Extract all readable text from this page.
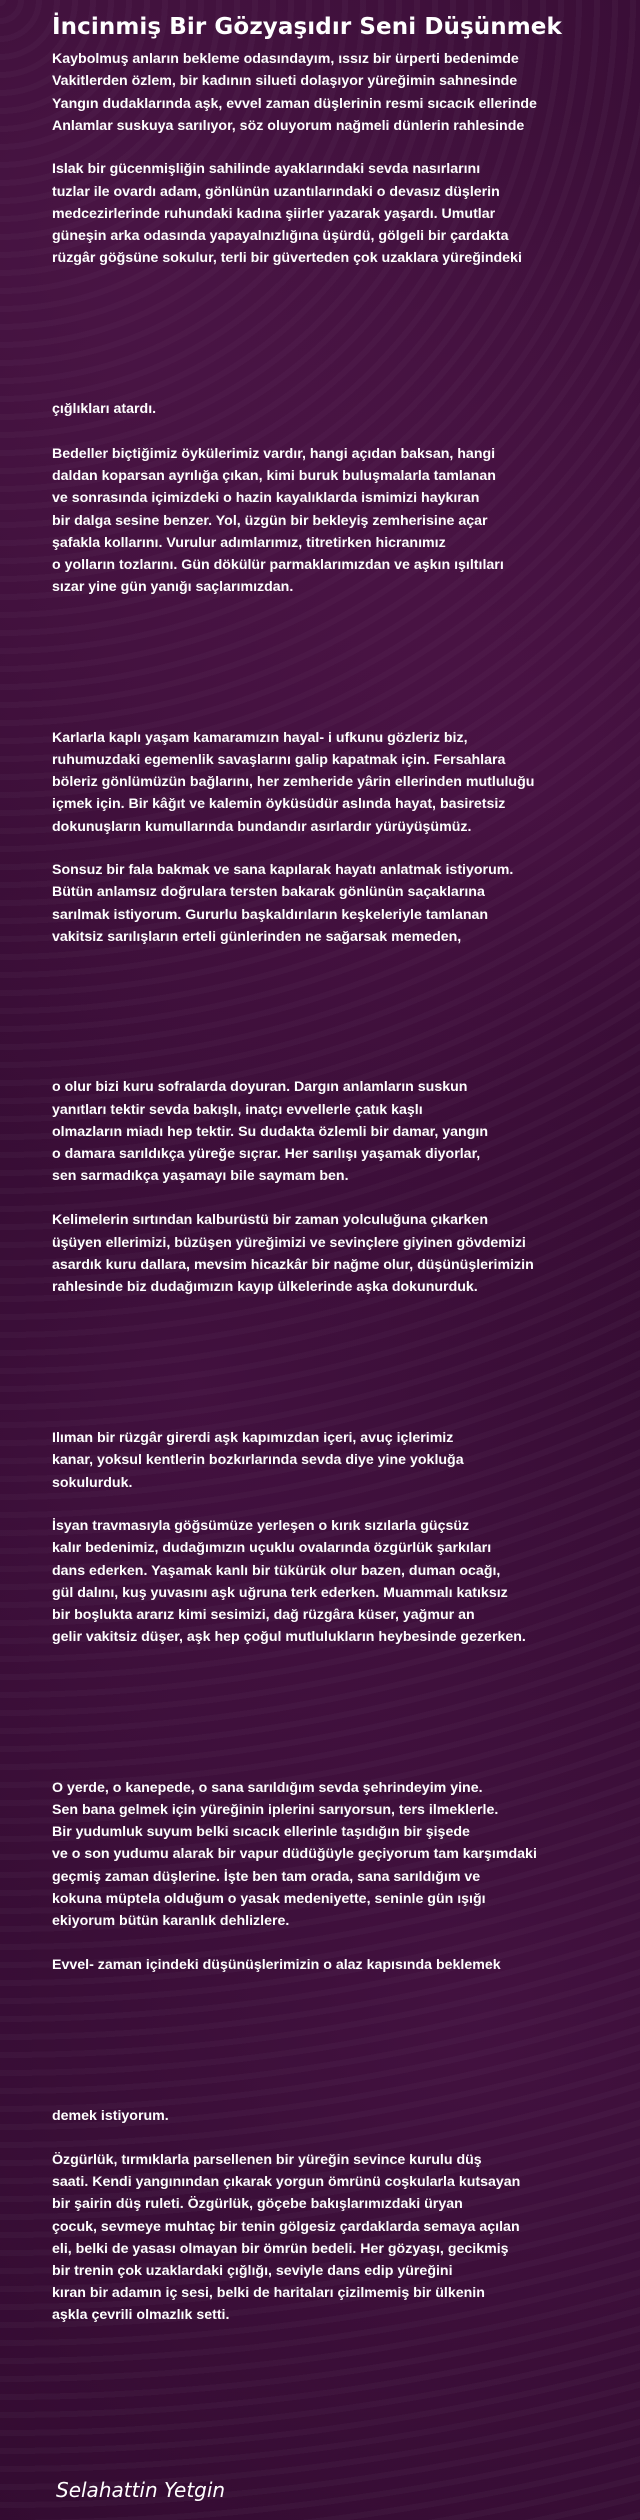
İncinmiş Bir Gözyaşıdır Seni Düşünmek
Kaybolmuş anların bekleme odasındayım, ıssız bir ürperti bedenimde
Vakitlerden özlem, bir kadının silueti dolaşıyor yüreğimin sahnesinde
Yangın dudaklarında aşk, evvel zaman düşlerinin resmi sıcacık ellerinde
Anlamlar suskuya sarılıyor, söz oluyorum nağmeli dünlerin rahlesinde
Islak bir gücenmişliğin sahilinde ayaklarındaki sevda nasırlarını
tuzlar ile ovardı adam, gönlünün uzantılarındaki o devasız düşlerin
medcezirlerinde ruhundaki kadına şiirler yazarak yaşardı. Umutlar
güneşin arka odasında yapayalnızlığına üşürdü, gölgeli bir çardakta
rüzgâr göğsüne sokulur, terli bir güverteden çok uzaklara yüreğindeki
çığlıkları atardı.
Bedeller biçtiğimiz öykülerimiz vardır, hangi açıdan baksan, hangi
daldan koparsan ayrılığa çıkan, kimi buruk buluşmalarla tamlanan
ve sonrasında içimizdeki o hazin kayalıklarda ismimizi haykıran
bir dalga sesine benzer. Yol, üzgün bir bekleyiş zemherisine açar
şafakla kollarını. Vurulur adımlarımız, titretirken hicranımız
o yolların tozlarını. Gün dökülür parmaklarımızdan ve aşkın ışıltıları
sızar yine gün yanığı saçlarımızdan.
Karlarla kaplı yaşam kamaramızın hayal- i ufkunu gözleriz biz,
ruhumuzdaki egemenlik savaşlarını galip kapatmak için. Fersahlara
böleriz gönlümüzün bağlarını, her zemheride yârin ellerinden mutluluğu
içmek için. Bir kâğıt ve kalemin öyküsüdür aslında hayat, basiretsiz
dokunuşların kumullarında bundandır asırlardır yürüyüşümüz.
Sonsuz bir fala bakmak ve sana kapılarak hayatı anlatmak istiyorum.
Bütün anlamsız doğrulara tersten bakarak gönlünün saçaklarına
sarılmak istiyorum. Gururlu başkaldırıların keşkeleriyle tamlanan
vakitsiz sarılışların erteli günlerinden ne sağarsak memeden,
o olur bizi kuru sofralarda doyuran. Dargın anlamların suskun
yanıtları tektir sevda bakışlı, inatçı evvellerle çatık kaşlı
olmazların miadı hep tektir. Su dudakta özlemli bir damar, yangın
o damara sarıldıkça yüreğe sıçrar. Her sarılışı yaşamak diyorlar,
sen sarmadıkça yaşamayı bile saymam ben.
Kelimelerin sırtından kalburüstü bir zaman yolculuğuna çıkarken
üşüyen ellerimizi, büzüşen yüreğimizi ve sevinçlere giyinen gövdemizi
asardık kuru dallara, mevsim hicazkâr bir nağme olur, düşünüşlerimizin
rahlesinde biz dudağımızın kayıp ülkelerinde aşka dokunurduk.
Ilıman bir rüzgâr girerdi aşk kapımızdan içeri, avuç içlerimiz
kanar, yoksul kentlerin bozkırlarında sevda diye yine yokluğa
sokulurduk.
İsyan travmasıyla göğsümüze yerleşen o kırık sızılarla güçsüz
kalır bedenimiz, dudağımızın uçuklu ovalarında özgürlük şarkıları
dans ederken. Yaşamak kanlı bir tükürük olur bazen, duman ocağı,
gül dalını, kuş yuvasını aşk uğruna terk ederken. Muammalı katıksız
bir boşlukta ararız kimi sesimizi, dağ rüzgâra küser, yağmur an
gelir vakitsiz düşer, aşk hep çoğul mutlulukların heybesinde gezerken.
O yerde, o kanepede, o sana sarıldığım sevda şehrindeyim yine.
Sen bana gelmek için yüreğinin iplerini sarıyorsun, ters ilmeklerle.
Bir yudumluk suyum belki sıcacık ellerinle taşıdığın bir şişede
ve o son yudumu alarak bir vapur düdüğüyle geçiyorum tam karşımdaki
geçmiş zaman düşlerine. İşte ben tam orada, sana sarıldığım ve
kokuna müptela olduğum o yasak medeniyette, seninle gün ışığı
ekiyorum bütün karanlık dehlizlere.
Evvel- zaman içindeki düşünüşlerimizin o alaz kapısında beklemek
demek istiyorum.
Özgürlük, tırmıklarla parsellenen bir yüreğin sevince kurulu düş
saati. Kendi yangınından çıkarak yorgun ömrünü coşkularla kutsayan
bir şairin düş ruleti. Özgürlük, göçebe bakışlarımızdaki üryan
çocuk, sevmeye muhtaç bir tenin gölgesiz çardaklarda semaya açılan
eli, belki de yasası olmayan bir ömrün bedeli. Her gözyaşı, gecikmiş
bir trenin çok uzaklardaki çığlığı, seviyle dans edip yüreğini
kıran bir adamın iç sesi, belki de haritaları çizilmemiş bir ülkenin
aşkla çevrili olmazlık setti.
Selahattin Yetgin
